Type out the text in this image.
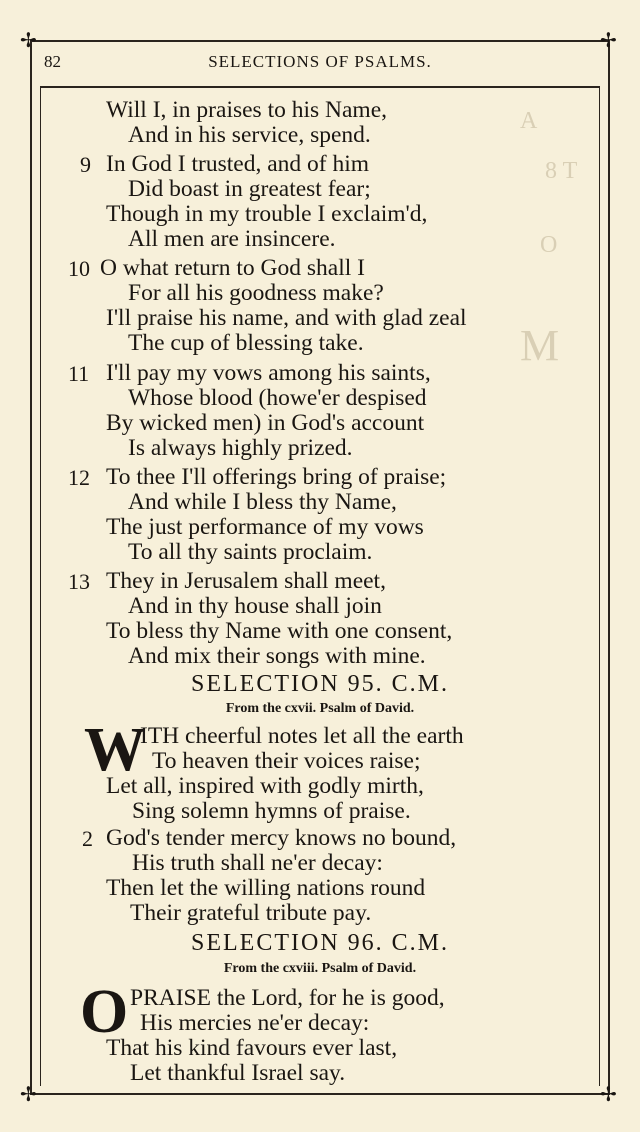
A
8 T
O
M
✢	✢
✢	✢
82	SELECTIONS OF PSALMS.
Will I, in praises to his Name,
And in his service, spend.
9 In God I trusted, and of him
Did boast in greatest fear;
Though in my trouble I exclaim'd,
All men are insincere.
10 O what return to God shall I
For all his goodness make?
I'll praise his name, and with glad zeal
The cup of blessing take.
11 I'll pay my vows among his saints,
Whose blood (howe'er despised
By wicked men) in God's account
Is always highly prized.
12 To thee I'll offerings bring of praise;
And while I bless thy Name,
The just performance of my vows
To all thy saints proclaim.
13 They in Jerusalem shall meet,
And in thy house shall join
To bless thy Name with one consent,
And mix their songs with mine.
SELECTION 95. C.M.
From the cxvii. Psalm of David.
W
ITH cheerful notes let all the earth
To heaven their voices raise;
Let all, inspired with godly mirth,
Sing solemn hymns of praise.
2 God's tender mercy knows no bound,
His truth shall ne'er decay:
Then let the willing nations round
Their grateful tribute pay.
SELECTION 96. C.M.
From the cxviii. Psalm of David.
O PRAISE the Lord, for he is good,
His mercies ne'er decay:
That his kind favours ever last,
Let thankful Israel say.
